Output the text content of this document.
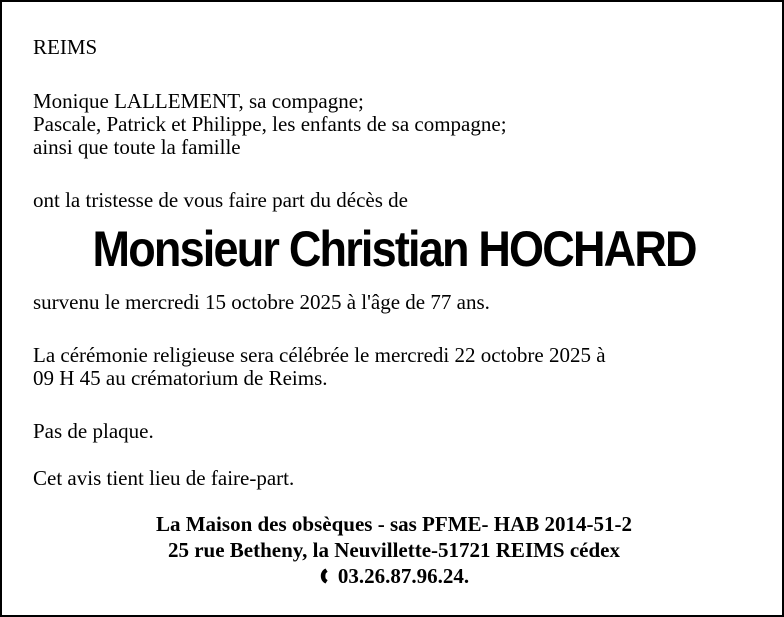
REIMS
Monique LALLEMENT, sa compagne;
Pascale, Patrick et Philippe, les enfants de sa compagne;
ainsi que toute la famille
ont la tristesse de vous faire part du décès de
Monsieur Christian HOCHARD
survenu le mercredi 15 octobre 2025 à l'âge de 77 ans.
La cérémonie religieuse sera célébrée le mercredi 22 octobre 2025 à
09 H 45 au crématorium de Reims.
Pas de plaque.
Cet avis tient lieu de faire-part.
La Maison des obsèques - sas PFME- HAB 2014-51-2
25 rue Betheny, la Neuvillette-51721 REIMS cédex
03.26.87.96.24.
